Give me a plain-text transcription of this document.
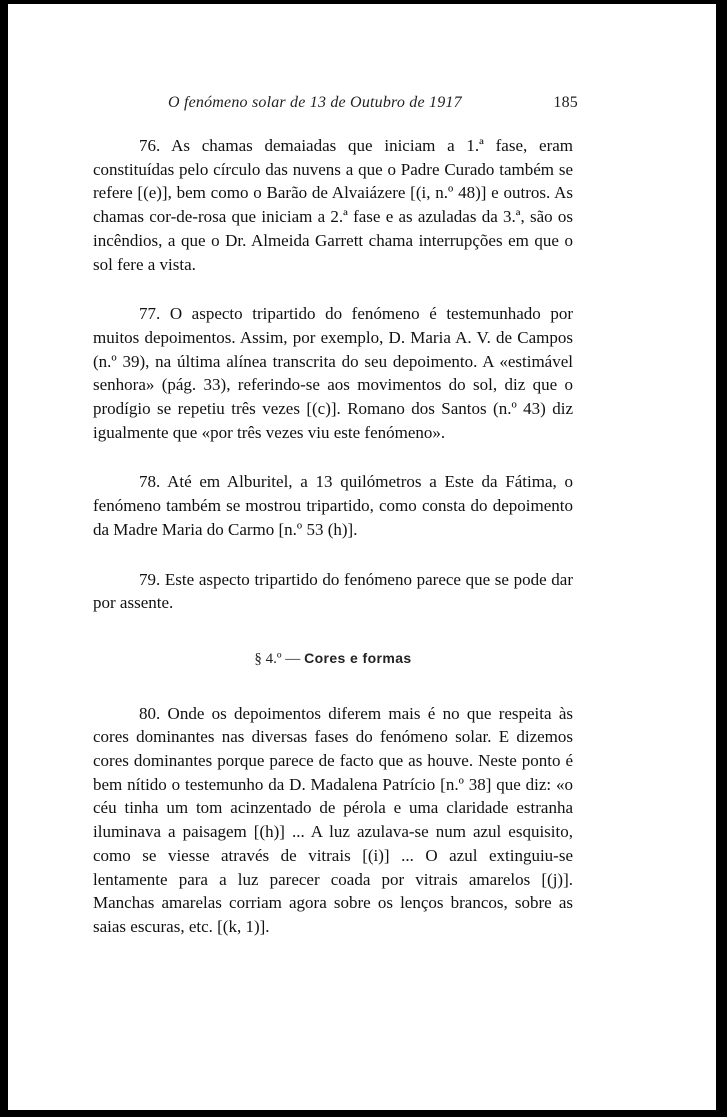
O fenómeno solar de 13 de Outubro de 1917	185

76. As chamas demaiadas que iniciam a 1.ª fase, eram constituídas pelo círculo das nuvens a que o Padre Curado também se refere [(e)], bem como o Barão de Alvaiázere [(i, n.º 48)] e outros. As chamas cor-de-rosa que iniciam a 2.ª fase e as azuladas da 3.ª, são os incêndios, a que o Dr. Almeida Garrett chama interrupções em que o sol fere a vista.

77. O aspecto tripartido do fenómeno é testemunhado por muitos depoimentos. Assim, por exemplo, D. Maria A. V. de Campos (n.º 39), na última alínea transcrita do seu depoimento. A «estimável senhora» (pág. 33), referindo-se aos movimentos do sol, diz que o prodígio se repetiu três vezes [(c)]. Romano dos Santos (n.º 43) diz igualmente que «por três vezes viu este fenómeno».

78. Até em Alburitel, a 13 quilómetros a Este da Fátima, o fenómeno também se mostrou tripartido, como consta do depoimento da Madre Maria do Carmo [n.º 53 (h)].

79. Este aspecto tripartido do fenómeno parece que se pode dar por assente.

§ 4.º — Cores e formas

80. Onde os depoimentos diferem mais é no que respeita às cores dominantes nas diversas fases do fenómeno solar. E dizemos cores dominantes porque parece de facto que as houve. Neste ponto é bem nítido o testemunho da D. Madalena Patrício [n.º 38] que diz: «o céu tinha um tom acinzentado de pérola e uma claridade estranha iluminava a paisagem [(h)] ... A luz azulava-se num azul esquisito, como se viesse através de vitrais [(i)] ... O azul extinguiu-se lentamente para a luz parecer coada por vitrais amarelos [(j)]. Manchas amarelas corriam agora sobre os lenços brancos, sobre as saias escuras, etc. [(k, 1)].
